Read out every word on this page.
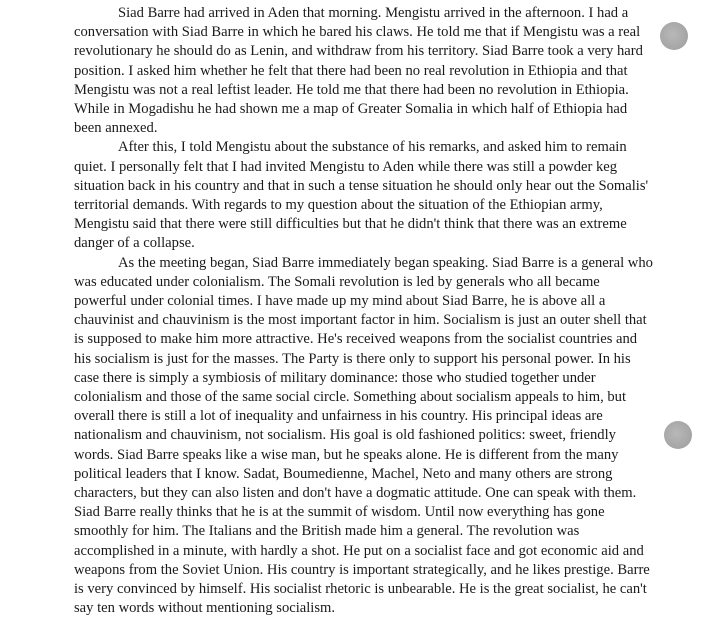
Siad Barre had arrived in Aden that morning. Mengistu arrived in the afternoon. I had a conversation with Siad Barre in which he bared his claws. He told me that if Mengistu was a real revolutionary he should do as Lenin, and withdraw from his territory. Siad Barre took a very hard position. I asked him whether he felt that there had been no real revolution in Ethiopia and that Mengistu was not a real leftist leader. He told me that there had been no revolution in Ethiopia. While in Mogadishu he had shown me a map of Greater Somalia in which half of Ethiopia had been annexed.

After this, I told Mengistu about the substance of his remarks, and asked him to remain quiet. I personally felt that I had invited Mengistu to Aden while there was still a powder keg situation back in his country and that in such a tense situation he should only hear out the Somalis' territorial demands. With regards to my question about the situation of the Ethiopian army, Mengistu said that there were still difficulties but that he didn't think that there was an extreme danger of a collapse.

As the meeting began, Siad Barre immediately began speaking. Siad Barre is a general who was educated under colonialism. The Somali revolution is led by generals who all became powerful under colonial times. I have made up my mind about Siad Barre, he is above all a chauvinist and chauvinism is the most important factor in him. Socialism is just an outer shell that is supposed to make him more attractive. He's received weapons from the socialist countries and his socialism is just for the masses. The Party is there only to support his personal power. In his case there is simply a symbiosis of military dominance: those who studied together under colonialism and those of the same social circle. Something about socialism appeals to him, but overall there is still a lot of inequality and unfairness in his country. His principal ideas are nationalism and chauvinism, not socialism. His goal is old fashioned politics: sweet, friendly words. Siad Barre speaks like a wise man, but he speaks alone. He is different from the many political leaders that I know. Sadat, Boumedienne, Machel, Neto and many others are strong characters, but they can also listen and don't have a dogmatic attitude. One can speak with them. Siad Barre really thinks that he is at the summit of wisdom. Until now everything has gone smoothly for him. The Italians and the British made him a general. The revolution was accomplished in a minute, with hardly a shot. He put on a socialist face and got economic aid and weapons from the Soviet Union. His country is important strategically, and he likes prestige. Barre is very convinced by himself. His socialist rhetoric is unbearable. He is the great socialist, he can't say ten words without mentioning socialism.
